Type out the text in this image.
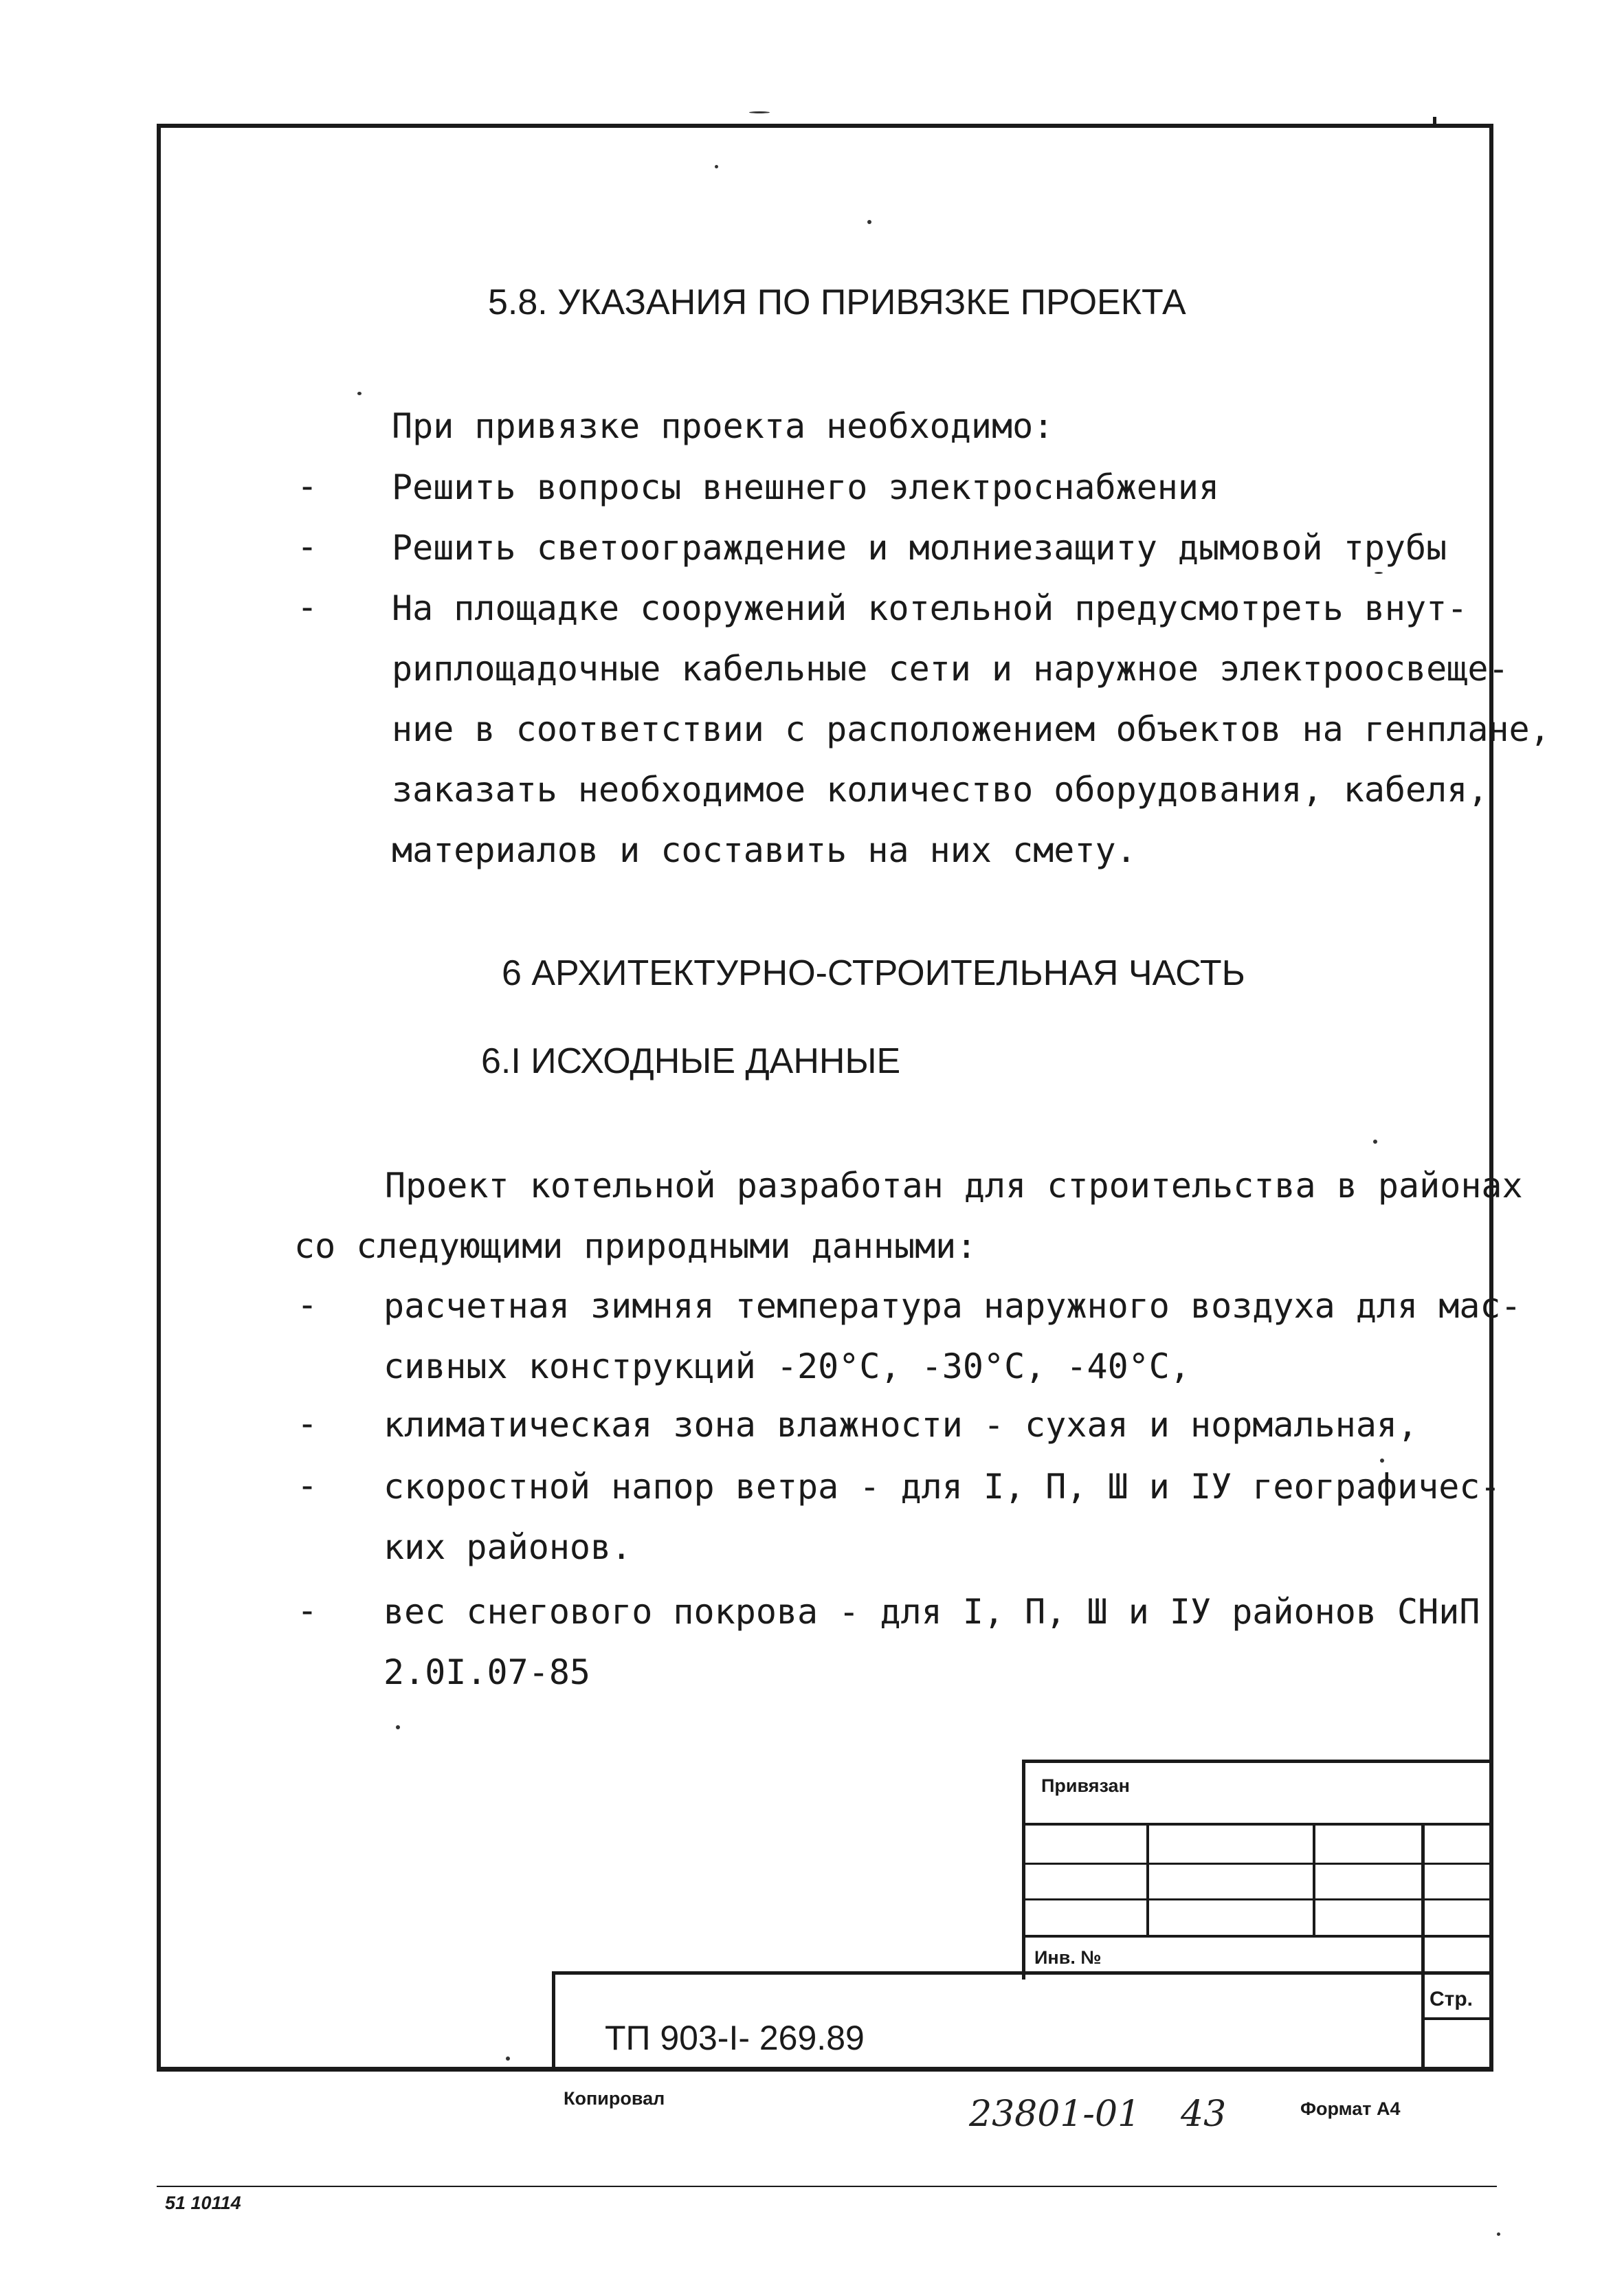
5.8. УКАЗАНИЯ ПО ПРИВЯЗКЕ ПРОЕКТА
При привязке проекта необходимо:
- Решить вопросы внешнего электроснабжения
- Решить светоограждение и молниезащиту дымовой трубы
- На площадке сооружений котельной предусмотреть внут-
риплощадочные кабельные сети и наружное электроосвеще-
ние в соответствии с расположением объектов на генплане,
заказать необходимое количество оборудования, кабеля,
материалов и составить на них смету.
6 АРХИТЕКТУРНО-СТРОИТЕЛЬНАЯ ЧАСТЬ
6.I ИСХОДНЫЕ ДАННЫЕ
Проект котельной разработан для строительства в районах
со следующими природными данными:
- расчетная зимняя температура наружного воздуха для мас-
сивных конструкций -20°С, -30°С, -40°С,
- климатическая зона влажности - сухая и нормальная,
- скоростной напор ветра - для I, П, Ш и IУ географичес-
ких районов.
- вес снегового покрова - для I, П, Ш и IУ районов СНиП
2.0I.07-85
Привязан
Инв. №
Стр.
ТП 903-I- 269.89
Копировал	23801-01 43	Формат А4
51 10114
